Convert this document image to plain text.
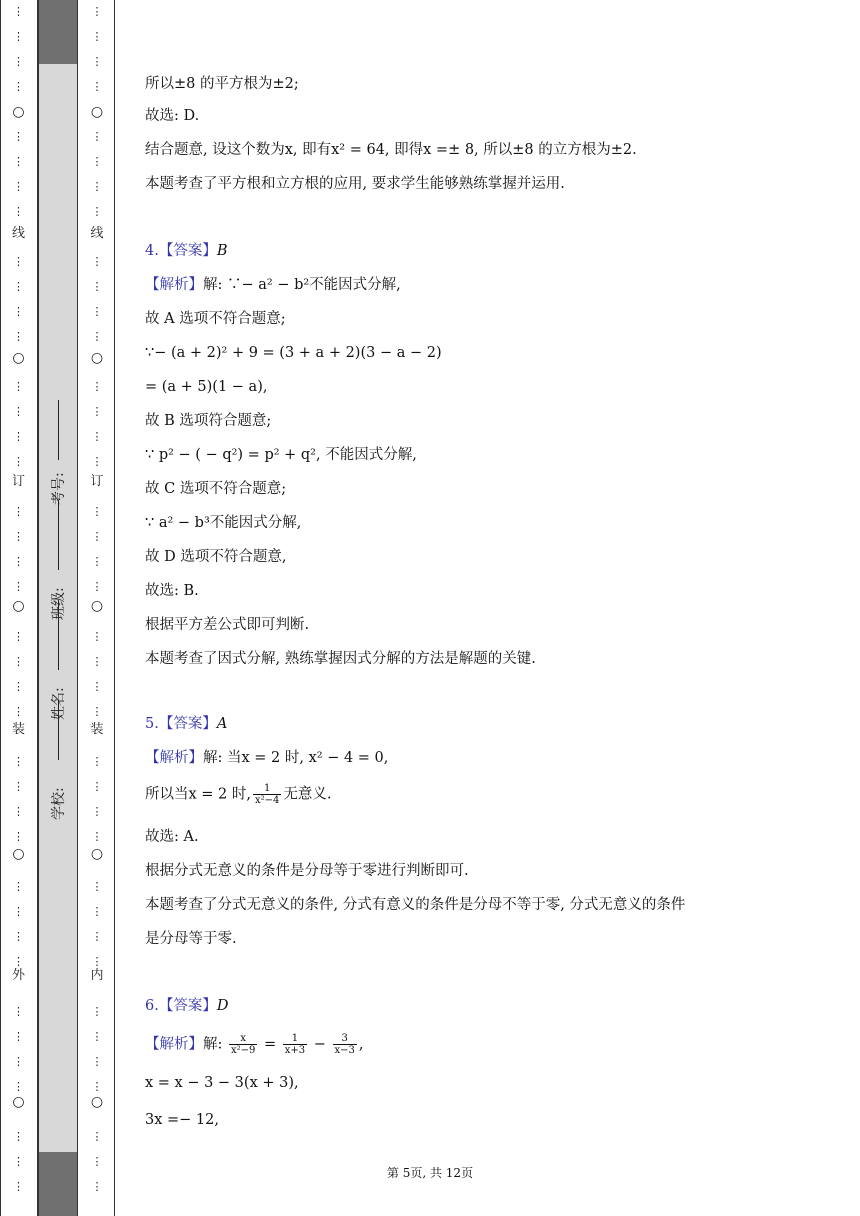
学校:
姓名:
班级:
考号:
⋮
⋮
⋮
⋮
⋮
⋮
⋮
⋮
⋮
⋮
⋮
⋮
⋮
⋮
⋮
⋮
⋮
⋮
⋮
⋮
⋮
⋮
⋮
⋮
⋮
⋮
⋮
⋮
⋮
⋮
⋮
⋮
⋮
⋮
⋮
⋮
⋮
⋮
⋮
○
线
○
订
○
装
○
外
○
⋮
⋮
⋮
⋮
⋮
⋮
⋮
⋮
⋮
⋮
⋮
⋮
⋮
⋮
⋮
⋮
⋮
⋮
⋮
⋮
⋮
⋮
⋮
⋮
⋮
⋮
⋮
⋮
⋮
⋮
⋮
⋮
⋮
⋮
⋮
⋮
⋮
⋮
⋮
○
线
○
订
○
装
○
内
○
所以±8 的平方根为±2;
故选: D.
结合题意, 设这个数为x, 即有x² = 64, 即得x =± 8, 所以±8 的立方根为±2.
本题考查了平方根和立方根的应用, 要求学生能够熟练掌握并运用.
4.【答案】B
【解析】解: ∵− a² − b²不能因式分解,
故 A 选项不符合题意;
∵− (a + 2)² + 9 = (3 + a + 2)(3 − a − 2)
= (a + 5)(1 − a),
故 B 选项符合题意;
∵ p² − ( − q²) = p² + q², 不能因式分解,
故 C 选项不符合题意;
∵ a² − b³不能因式分解,
故 D 选项不符合题意,
故选: B.
根据平方差公式即可判断.
本题考查了因式分解, 熟练掌握因式分解的方法是解题的关键.
5.【答案】A
【解析】解: 当x = 2 时, x² − 4 = 0,
所以当x = 2 时, $\frac{1}{\text{x²−4}}$ 无意义.
故选: A.
根据分式无意义的条件是分母等于零进行判断即可.
本题考查了分式无意义的条件, 分式有意义的条件是分母不等于零, 分式无意义的条件
是分母等于零.
6.【答案】D
【解析】解: $\frac{x}{\text{x²−9}} = \frac{1}{x+3} - \frac{3}{x-3}$ ,
x = x − 3 − 3(x + 3),
3x =− 12,
第 5页, 共 12页
